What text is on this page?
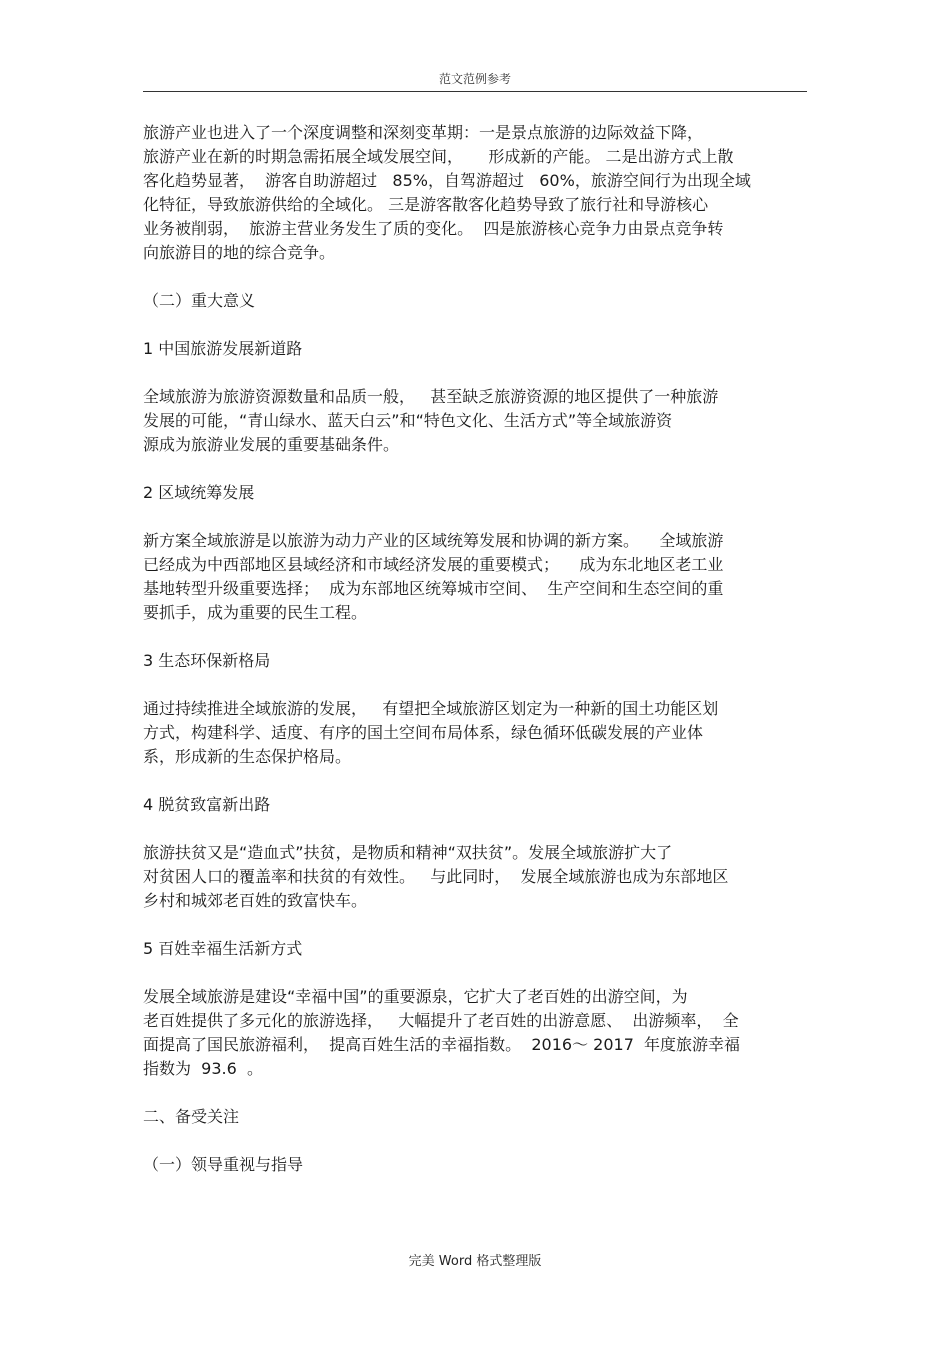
范文范例参考
旅游产业也进入了一个深度调整和深刻变革期：一是景点旅游的边际效益下降，
旅游产业在新的时期急需拓展全域发展空间，     形成新的产能。 二是出游方式上散
客化趋势显著，  游客自助游超过   85%，自驾游超过   60%，旅游空间行为出现全域
化特征，导致旅游供给的全域化。 三是游客散客化趋势导致了旅行社和导游核心
业务被削弱，  旅游主营业务发生了质的变化。  四是旅游核心竞争力由景点竞争转
向旅游目的地的综合竞争。
（二）重大意义
1 中国旅游发展新道路
全域旅游为旅游资源数量和品质一般，   甚至缺乏旅游资源的地区提供了一种旅游
发展的可能，“青山绿水、蓝天白云”和“特色文化、生活方式”等全域旅游资
源成为旅游业发展的重要基础条件。
2 区域统筹发展
新方案全域旅游是以旅游为动力产业的区域统筹发展和协调的新方案。    全域旅游
已经成为中西部地区县域经济和市域经济发展的重要模式；    成为东北地区老工业
基地转型升级重要选择；  成为东部地区统筹城市空间、  生产空间和生态空间的重
要抓手，成为重要的民生工程。
3 生态环保新格局
通过持续推进全域旅游的发展，   有望把全域旅游区划定为一种新的国土功能区划
方式，构建科学、适度、有序的国土空间布局体系，绿色循环低碳发展的产业体
系，形成新的生态保护格局。
4 脱贫致富新出路
旅游扶贫又是“造血式”扶贫，是物质和精神“双扶贫”。发展全域旅游扩大了
对贫困人口的覆盖率和扶贫的有效性。   与此同时，  发展全域旅游也成为东部地区
乡村和城郊老百姓的致富快车。
5 百姓幸福生活新方式
发展全域旅游是建设“幸福中国”的重要源泉，它扩大了老百姓的出游空间，为
老百姓提供了多元化的旅游选择，   大幅提升了老百姓的出游意愿、  出游频率，  全
面提高了国民旅游福利，  提高百姓生活的幸福指数。  2016～ 2017  年度旅游幸福
指数为  93.6  。
二、备受关注
（一）领导重视与指导
完美 Word 格式整理版
